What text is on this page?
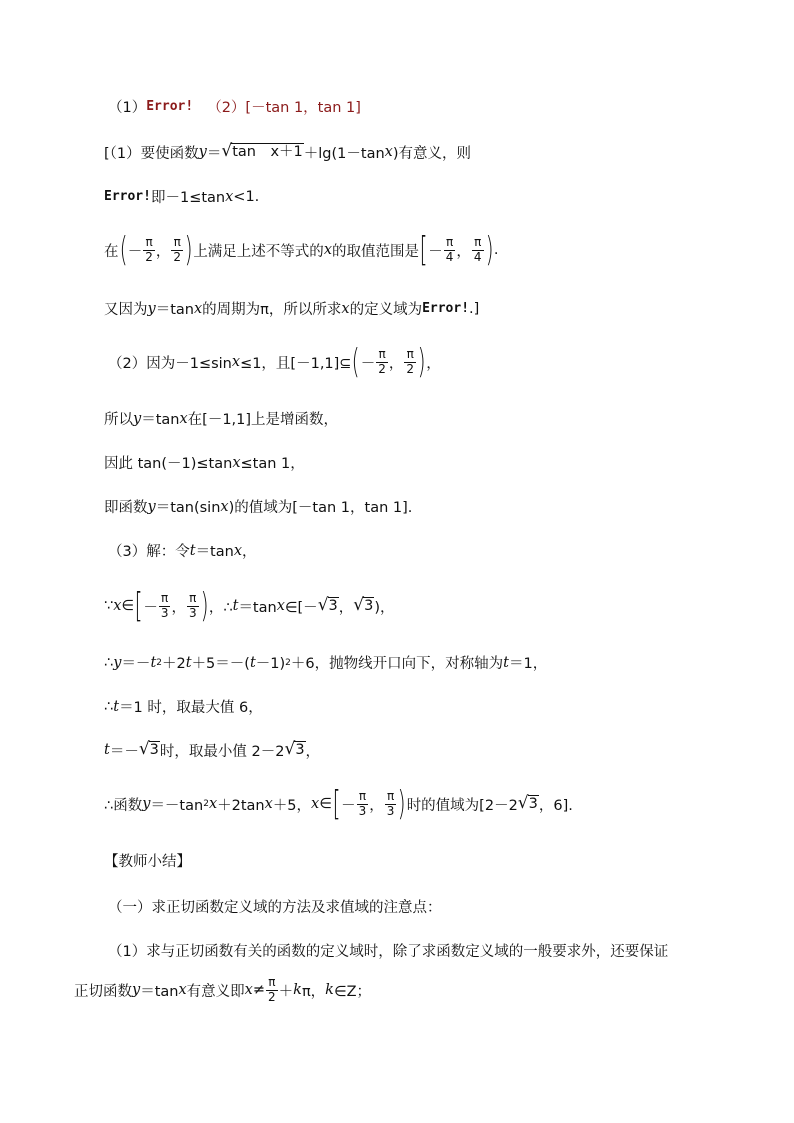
（1） Error! （2）[－tan 1，tan 1]
[（1）要使函数 y ＝ √ tan　x＋1 ＋lg(1－tan x )有意义，则
Error! 即－1≤tan x <1.
在 ( － $\frac{\pi}{2}$ ， $\frac{\pi}{2}$ ) 上满足上述不等式的 x 的取值范围是 [ － $\frac{\pi}{4}$ ， $\frac{\pi}{4}$ ) .
又因为 y ＝tan x 的周期为π，所以所求 x 的定义域为 Error! .]
（2）因为－1≤sin x ≤1，且[－1,1]⊆ ( － $\frac{\pi}{2}$ ， $\frac{\pi}{2}$ ) ，
所以 y ＝tan x 在[－1,1]上是增函数，
因此 tan(－1)≤tan x ≤tan 1，
即函数 y ＝tan(sin x )的值域为[－tan 1，tan 1].
（3）解：令 t ＝tan x ，
∵ x ∈ [ － $\frac{\pi}{3}$ ， $\frac{\pi}{3}$ ) ，∴ t ＝tan x ∈[－ √ 3 ， √ 3 )，
∴ y ＝－ t 2 ＋2 t ＋5＝－( t －1) 2 ＋6，抛物线开口向下，对称轴为 t ＝1，
∴ t ＝1 时，取最大值 6，
t ＝－ √ 3 时，取最小值 2－2 √ 3 ，
∴函数 y ＝－tan 2 x ＋2tan x ＋5， x ∈ [ － $\frac{\pi}{3}$ ， $\frac{\pi}{3}$ ) 时的值域为[2－2 √ 3 ，6].
【教师小结】
（一）求正切函数定义域的方法及求值域的注意点：
（1）求与正切函数有关的函数的定义域时，除了求函数定义域的一般要求外，还要保证
正切函数 y ＝tan x 有意义即 $x \ne \frac{\pi}{2} + k$ π， k ∈Z；
